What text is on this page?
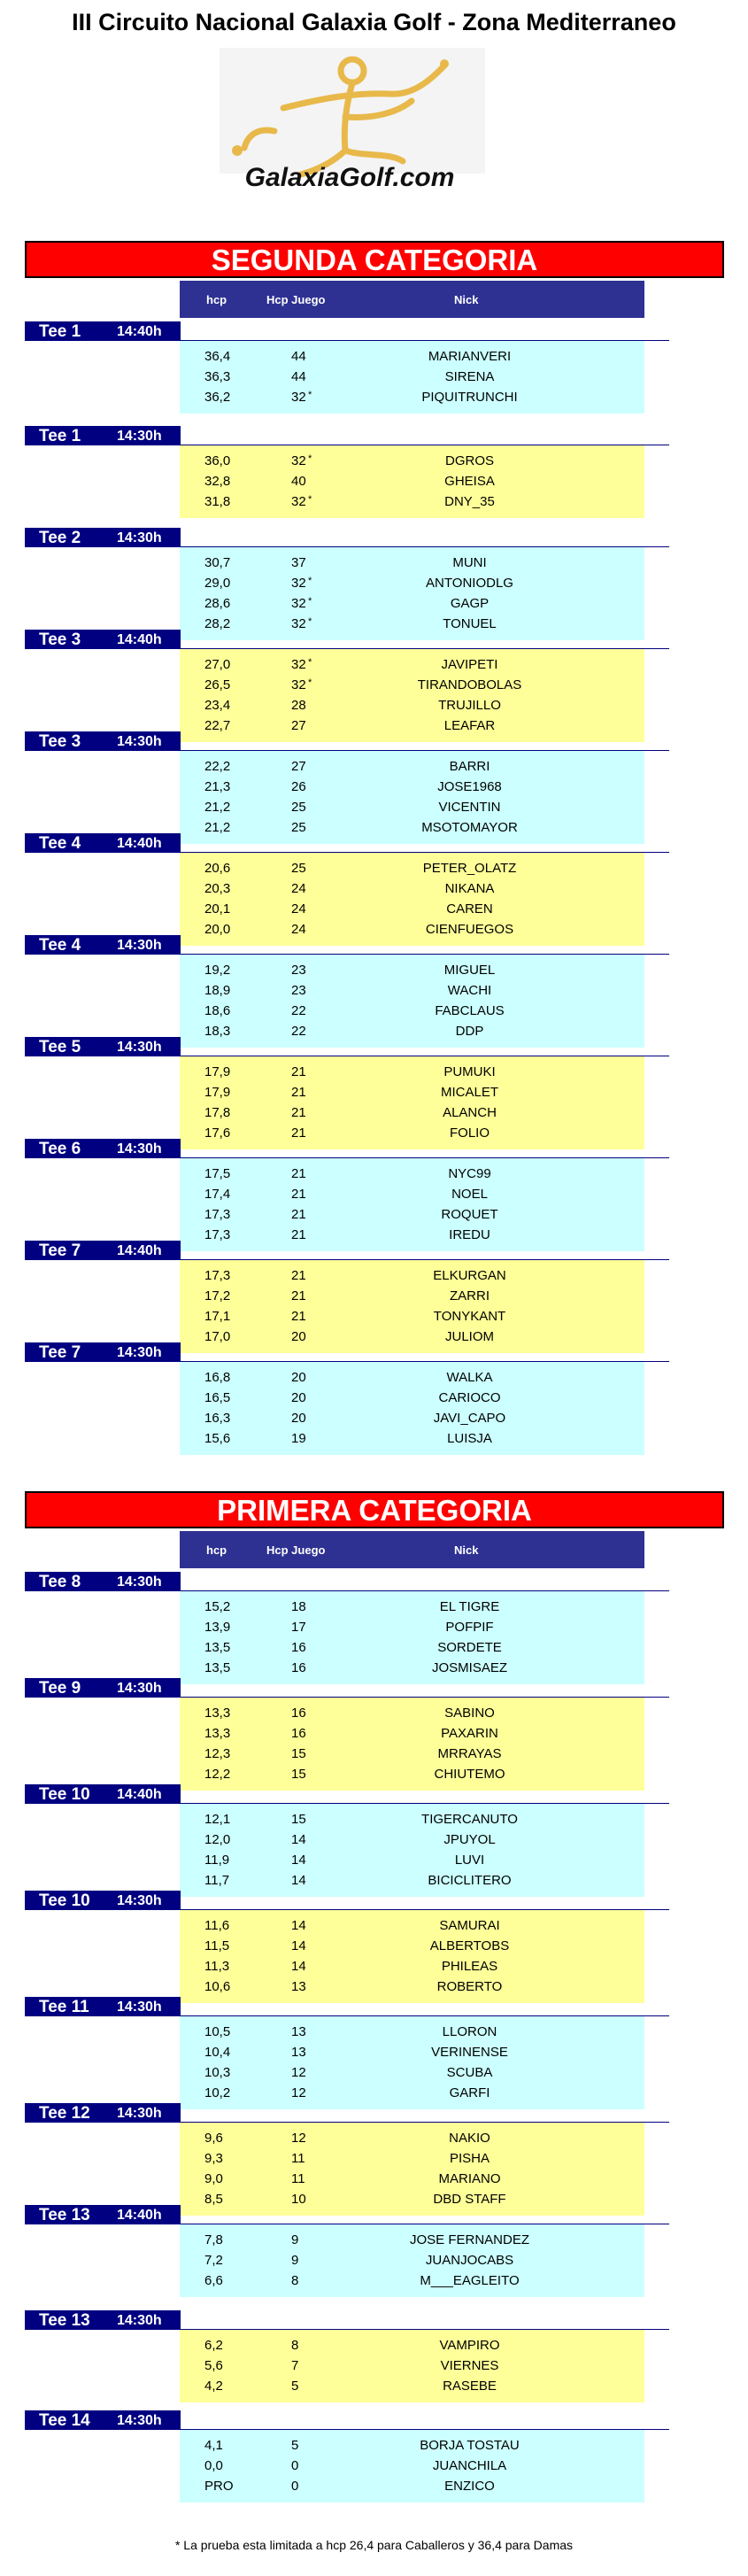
III Circuito Nacional Galaxia Golf - Zona Mediterraneo
GalaxiaGolf.com
SEGUNDA CATEGORIA
hcp	Hcp Juego	Nick
Tee 1	14:40h
36,4	44	MARIANVERI
36,3	44	SIRENA
36,2	32 *	PIQUITRUNCHI
Tee 1	14:30h
36,0	32 *	DGROS
32,8	40	GHEISA
31,8	32 *	DNY_35
Tee 2	14:30h
30,7	37	MUNI
29,0	32 *	ANTONIODLG
28,6	32 *	GAGP
28,2	32 *	TONUEL
Tee 3	14:40h
27,0	32 *	JAVIPETI
26,5	32 *	TIRANDOBOLAS
23,4	28	TRUJILLO
22,7	27	LEAFAR
Tee 3	14:30h
22,2	27	BARRI
21,3	26	JOSE1968
21,2	25	VICENTIN
21,2	25	MSOTOMAYOR
Tee 4	14:40h
20,6	25	PETER_OLATZ
20,3	24	NIKANA
20,1	24	CAREN
20,0	24	CIENFUEGOS
Tee 4	14:30h
19,2	23	MIGUEL
18,9	23	WACHI
18,6	22	FABCLAUS
18,3	22	DDP
Tee 5	14:30h
17,9	21	PUMUKI
17,9	21	MICALET
17,8	21	ALANCH
17,6	21	FOLIO
Tee 6	14:30h
17,5	21	NYC99
17,4	21	NOEL
17,3	21	ROQUET
17,3	21	IREDU
Tee 7	14:40h
17,3	21	ELKURGAN
17,2	21	ZARRI
17,1	21	TONYKANT
17,0	20	JULIOM
Tee 7	14:30h
16,8	20	WALKA
16,5	20	CARIOCO
16,3	20	JAVI_CAPO
15,6	19	LUISJA
PRIMERA CATEGORIA
hcp	Hcp Juego	Nick
Tee 8	14:30h
15,2	18	EL TIGRE
13,9	17	POFPIF
13,5	16	SORDETE
13,5	16	JOSMISAEZ
Tee 9	14:30h
13,3	16	SABINO
13,3	16	PAXARIN
12,3	15	MRRAYAS
12,2	15	CHIUTEMO
Tee 10 14:40h
12,1	15	TIGERCANUTO
12,0	14	JPUYOL
11,9	14	LUVI
11,7	14	BICICLITERO
Tee 10 14:30h
11,6	14	SAMURAI
11,5	14	ALBERTOBS
11,3	14	PHILEAS
10,6	13	ROBERTO
Tee 11 14:30h
10,5	13	LLORON
10,4	13	VERINENSE
10,3	12	SCUBA
10,2	12	GARFI
Tee 12 14:30h
9,6	12	NAKIO
9,3	11	PISHA
9,0	11	MARIANO
8,5	10	DBD STAFF
Tee 13 14:40h
7,8	9	JOSE FERNANDEZ
7,2	9	JUANJOCABS
6,6	8	M___EAGLEITO
Tee 13 14:30h
6,2	8	VAMPIRO
5,6	7	VIERNES
4,2	5	RASEBE
Tee 14 14:30h
4,1	5	BORJA TOSTAU
0,0	0	JUANCHILA
PRO	0	ENZICO
* La prueba esta limitada a hcp 26,4 para Caballeros y 36,4 para Damas
